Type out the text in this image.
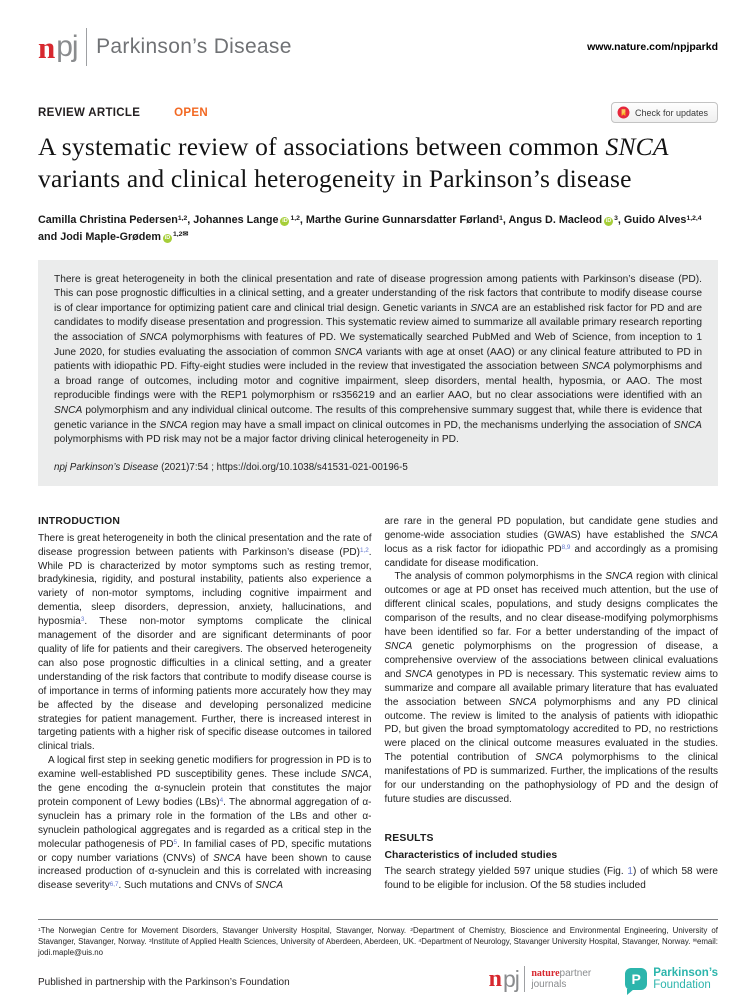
n pj Parkinson’s Disease	www.nature.com/npjparkd
REVIEW ARTICLE	OPEN	Check for updates
A systematic review of associations between common SNCA variants and clinical heterogeneity in Parkinson’s disease
Camilla Christina Pedersen$^{1,2}$, Johannes Lange iD $^{1,2}$, Marthe Gurine Gunnarsdatter Førland$^1$, Angus D. Macleod iD $^3$, Guido Alves$^{1,2,4}$ and Jodi Maple-Grødem iD $^{1,2✉}$
There is great heterogeneity in both the clinical presentation and rate of disease progression among patients with Parkinson’s disease (PD). This can pose prognostic difficulties in a clinical setting, and a greater understanding of the risk factors that contribute to modify disease course is of clear importance for optimizing patient care and clinical trial design. Genetic variants in SNCA are an established risk factor for PD and are candidates to modify disease presentation and progression. This systematic review aimed to summarize all available primary research reporting the association of SNCA polymorphisms with features of PD. We systematically searched PubMed and Web of Science, from inception to 1 June 2020, for studies evaluating the association of common SNCA variants with age at onset (AAO) or any clinical feature attributed to PD in patients with idiopathic PD. Fifty-eight studies were included in the review that investigated the association between SNCA polymorphisms and a broad range of outcomes, including motor and cognitive impairment, sleep disorders, mental health, hyposmia, or AAO. The most reproducible findings were with the REP1 polymorphism or rs356219 and an earlier AAO, but no clear associations were identified with an SNCA polymorphism and any individual clinical outcome. The results of this comprehensive summary suggest that, while there is evidence that genetic variance in the SNCA region may have a small impact on clinical outcomes in PD, the mechanisms underlying the association of SNCA polymorphisms with PD risk may not be a major factor driving clinical heterogeneity in PD.
npj Parkinson’s Disease (2021)7:54 ; https://doi.org/10.1038/s41531-021-00196-5
INTRODUCTION

There is great heterogeneity in both the clinical presentation and the rate of disease progression between patients with Parkinson’s disease (PD)$^{1,2}$. While PD is characterized by motor symptoms such as resting tremor, bradykinesia, rigidity, and postural instability, patients also experience a variety of non-motor symptoms, including cognitive impairment and dementia, sleep disorders, depression, anxiety, hallucinations, and hyposmia$^3$. These non-motor symptoms complicate the clinical management of the disorder and are significant determinants of poor quality of life for patients and their caregivers. The observed heterogeneity can also pose prognostic difficulties in a clinical setting, and a greater understanding of the risk factors that contribute to modify disease course is of importance in terms of informing patients more accurately how they may be affected by the disease and developing personalized medicine strategies for patient management. Further, there is increased interest in targeting patients with a higher risk of specific disease outcomes in tailored clinical trials.

A logical first step in seeking genetic modifiers for progression in PD is to examine well-established PD susceptibility genes. These include SNCA, the gene encoding the α-synuclein protein that constitutes the major protein component of Lewy bodies (LBs)$^4$. The abnormal aggregation of α-synuclein has a primary role in the formation of the LBs and other α-synuclein pathological aggregates and is regarded as a critical step in the molecular pathogenesis of $PD^5$. In familial cases of PD, specific mutations or copy number variations (CNVs) of SNCA have been shown to cause increased production of α-synuclein and this is correlated with increasing disease severity$^{6,7}$. Such mutations and CNVs of SNCA

are rare in the general PD population, but candidate gene studies and genome-wide association studies (GWAS) have established the SNCA locus as a risk factor for idiopathic PD$^{8,9}$ and accordingly as a promising candidate for disease modification.

The analysis of common polymorphisms in the SNCA region with clinical outcomes or age at PD onset has received much attention, but the use of different clinical scales, populations, and study designs complicates the comparison of the results, and no clear disease-modifying polymorphisms have been identified so far. For a better understanding of the impact of SNCA genetic polymorphisms on the progression of disease, a comprehensive overview of the associations between clinical evaluations and SNCA genotypes in PD is necessary. This systematic review aims to summarize and compare all available primary literature that has evaluated the association between SNCA polymorphisms and any PD clinical outcome. The review is limited to the analysis of patients with idiopathic PD, but given the broad symptomatology accredited to PD, no restrictions were placed on the clinical outcome measures evaluated in the studies. The potential contribution of SNCA polymorphisms to the clinical manifestations of PD is summarized. Further, the implications of the results for our understanding on the pathophysiology of PD and the design of future studies are discussed.

RESULTS
Characteristics of included studies

The search strategy yielded 597 unique studies (Fig. 1) of which 58 were found to be eligible for inclusion. Of the 58 studies included

$^1$The Norwegian Centre for Movement Disorders, Stavanger University Hospital, Stavanger, Norway. $^2$Department of Chemistry, Bioscience and Environmental Engineering, University of Stavanger, Stavanger, Norway. $^3$Institute of Applied Health Sciences, University of Aberdeen, Aberdeen, UK. $^4$Department of Neurology, Stavanger University Hospital, Stavanger, Norway. ✉email: jodi.maple@uis.no
Published in partnership with the Parkinson’s Foundation	n pj naturepartner
journals	P	Parkinson’s
Foundation
